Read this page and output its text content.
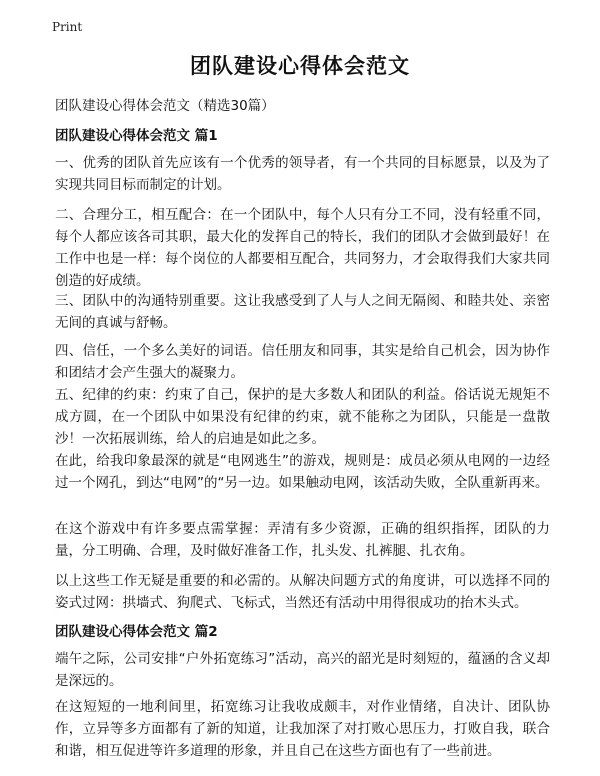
Print
团队建设心得体会范文
团队建设心得体会范文（精选30篇）
团队建设心得体会范文 篇1
一、优秀的团队首先应该有一个优秀的领导者，有一个共同的目标愿景，以及为了实现共同目标而制定的计划。
二、合理分工，相互配合：在一个团队中，每个人只有分工不同，没有轻重不同，每个人都应该各司其职，最大化的发挥自己的特长，我们的团队才会做到最好！在工作中也是一样：每个岗位的人都要相互配合，共同努力，才会取得我们大家共同创造的好成绩。
三、团队中的沟通特别重要。这让我感受到了人与人之间无隔阂、和睦共处、亲密无间的真诚与舒畅。
四、信任，一个多么美好的词语。信任朋友和同事，其实是给自己机会，因为协作和团结才会产生强大的凝聚力。
五、纪律的约束：约束了自己，保护的是大多数人和团队的利益。俗话说无规矩不成方圆，在一个团队中如果没有纪律的约束，就不能称之为团队，只能是一盘散沙！一次拓展训练，给人的启迪是如此之多。
在此，给我印象最深的就是“电网逃生”的游戏，规则是：成员必须从电网的一边经过一个网孔，到达“电网”的“另一边。如果触动电网，该活动失败，全队重新再来。
在这个游戏中有许多要点需掌握：弄清有多少资源，正确的组织指挥，团队的力量，分工明确、合理，及时做好准备工作，扎头发、扎裤腿、扎衣角。
以上这些工作无疑是重要的和必需的。从解决问题方式的角度讲，可以选择不同的姿式过网：拱墙式、狗爬式、飞标式，当然还有活动中用得很成功的抬木头式。
团队建设心得体会范文 篇2
端午之际，公司安排“户外拓宽练习”活动，高兴的韶光是时刻短的，蕴涵的含义却是深远的。
在这短短的一地利间里，拓宽练习让我收成颇丰，对作业情绪，自决计、团队协作，立异等多方面都有了新的知道，让我加深了对打败心思压力，打败自我，联合和谐，相互促进等许多道理的形象，并且自己在这些方面也有了一些前进。
